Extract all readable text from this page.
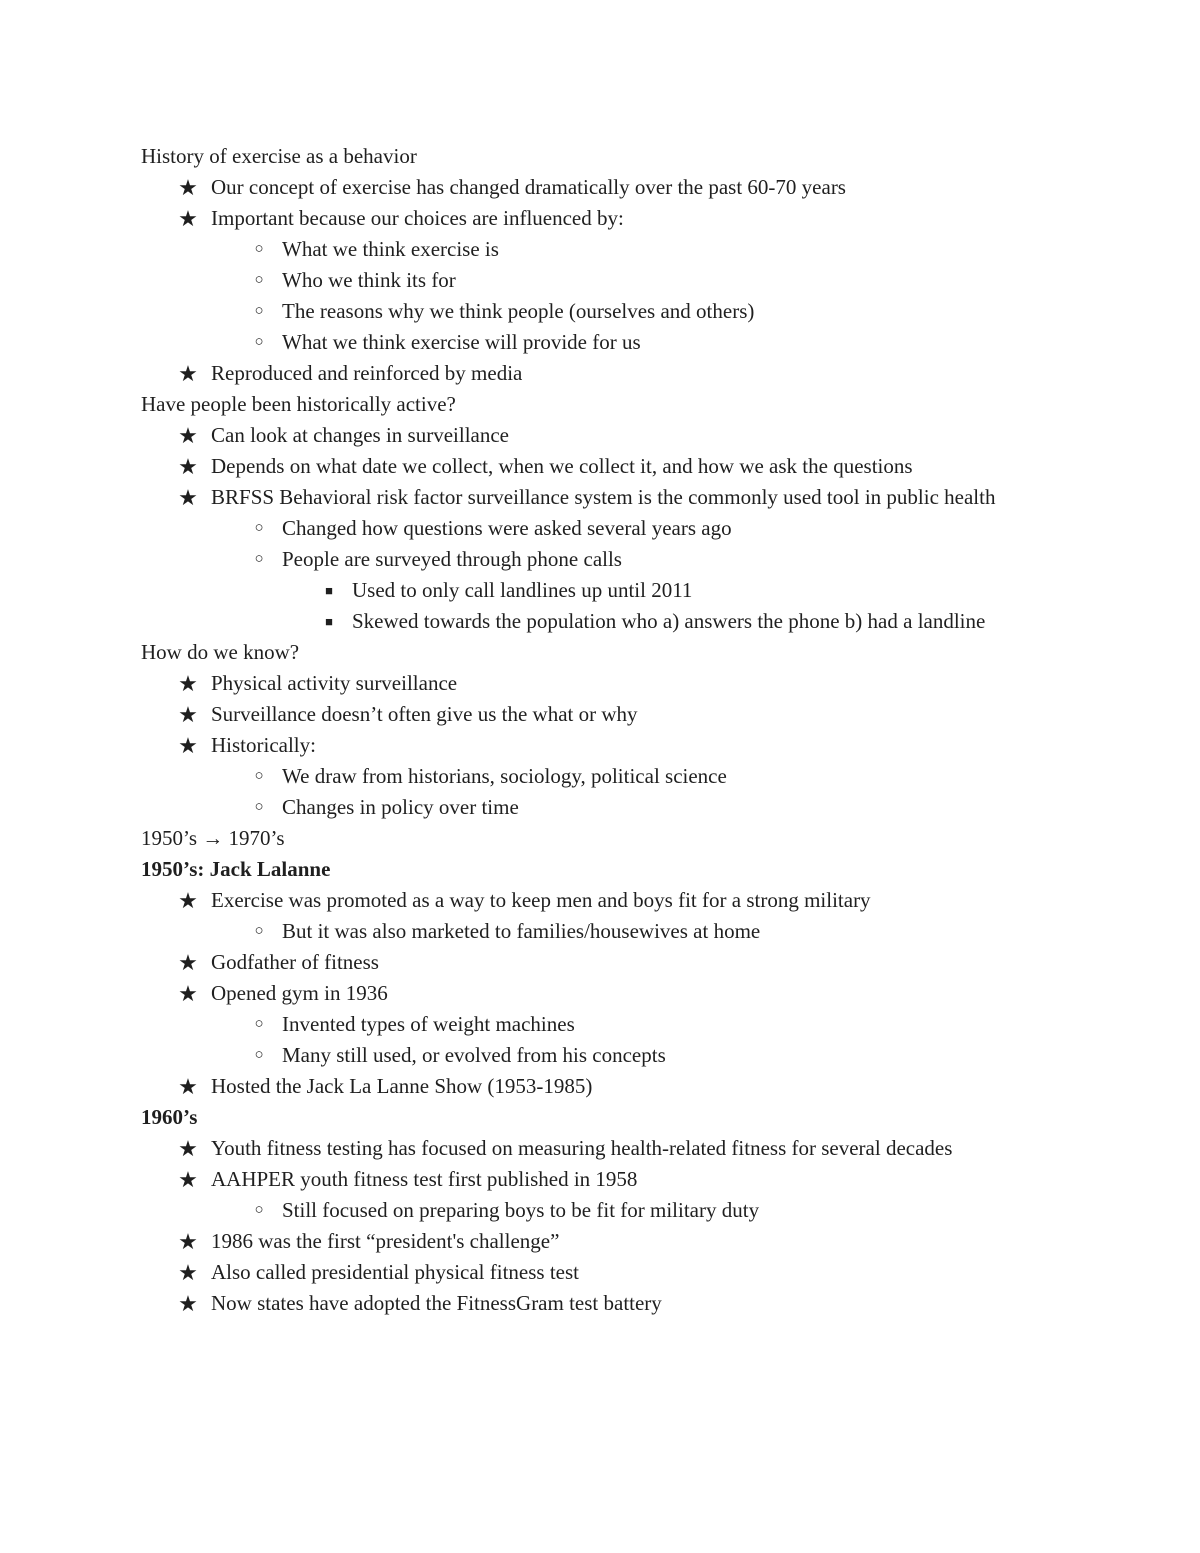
History of exercise as a behavior
★ Our concept of exercise has changed dramatically over the past 60-70 years
★ Important because our choices are influenced by:
○ What we think exercise is
○ Who we think its for
○ The reasons why we think people (ourselves and others)
○ What we think exercise will provide for us
★ Reproduced and reinforced by media
Have people been historically active?
★ Can look at changes in surveillance
★ Depends on what date we collect, when we collect it, and how we ask the questions
★ BRFSS Behavioral risk factor surveillance system is the commonly used tool in public health
○ Changed how questions were asked several years ago
○ People are surveyed through phone calls
■ Used to only call landlines up until 2011
■ Skewed towards the population who a) answers the phone b) had a landline
How do we know?
★ Physical activity surveillance
★ Surveillance doesn’t often give us the what or why
★ Historically:
○ We draw from historians, sociology, political science
○ Changes in policy over time
1950’s → 1970’s
1950’s: Jack Lalanne
★ Exercise was promoted as a way to keep men and boys fit for a strong military
○ But it was also marketed to families/housewives at home
★ Godfather of fitness
★ Opened gym in 1936
○ Invented types of weight machines
○ Many still used, or evolved from his concepts
★ Hosted the Jack La Lanne Show (1953-1985)
1960’s
★ Youth fitness testing has focused on measuring health-related fitness for several decades
★ AAHPER youth fitness test first published in 1958
○ Still focused on preparing boys to be fit for military duty
★ 1986 was the first “president's challenge”
★ Also called presidential physical fitness test
★ Now states have adopted the FitnessGram test battery
